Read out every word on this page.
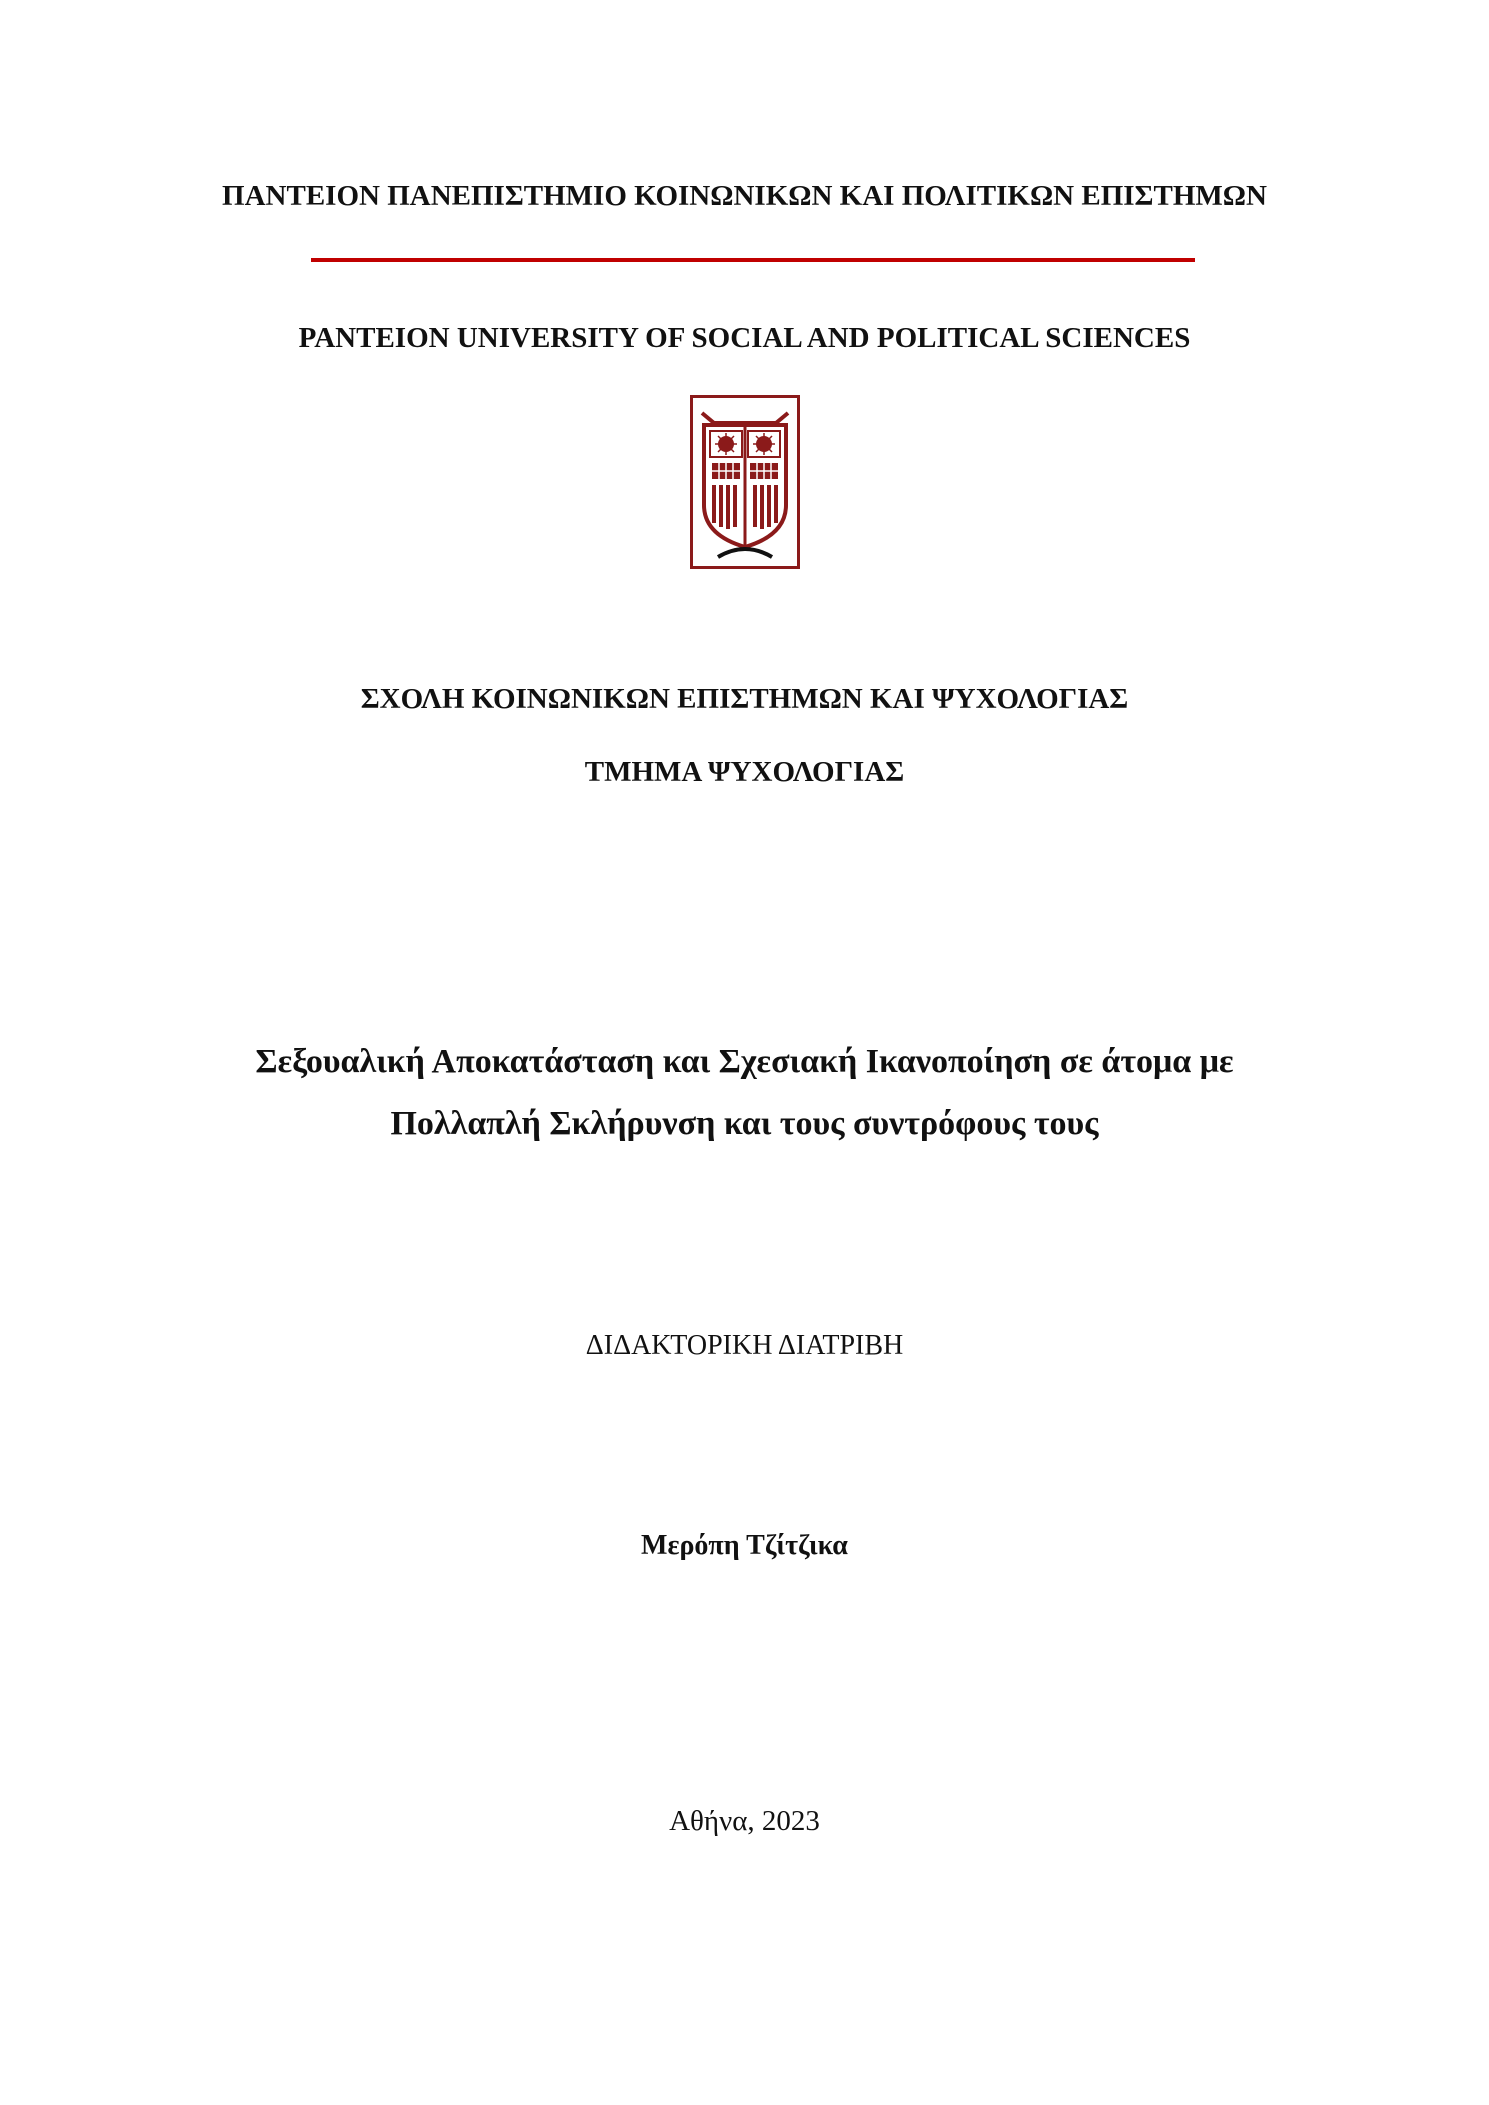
ΠΑΝΤΕΙΟΝ ΠΑΝΕΠΙΣΤΗΜΙΟ ΚΟΙΝΩΝΙΚΩΝ ΚΑΙ ΠΟΛΙΤΙΚΩΝ ΕΠΙΣΤΗΜΩΝ
PANTEION UNIVERSITY OF SOCIAL AND POLITICAL SCIENCES
ΣΧΟΛΗ ΚΟΙΝΩΝΙΚΩΝ ΕΠΙΣΤΗΜΩΝ ΚΑΙ ΨΥΧΟΛΟΓΙΑΣ
ΤΜΗΜΑ ΨΥΧΟΛΟΓΙΑΣ
Σεξουαλική Αποκατάσταση και Σχεσιακή Ικανοποίηση σε άτομα με
Πολλαπλή Σκλήρυνση και τους συντρόφους τους
ΔΙΔΑΚΤΟΡΙΚΗ ΔΙΑΤΡΙΒΗ
Μερόπη Τζίτζικα
Αθήνα, 2023
